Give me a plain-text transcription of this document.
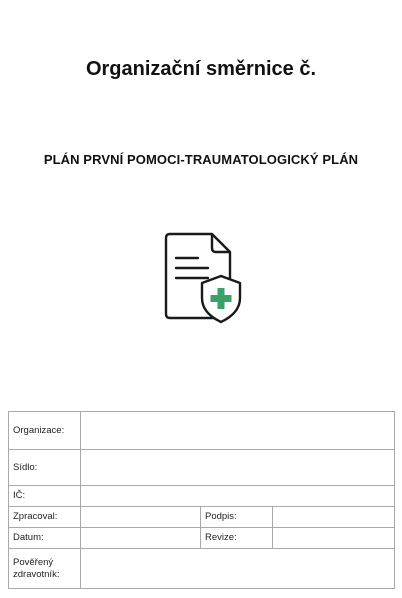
Organizační směrnice č.
PLÁN PRVNÍ POMOCI-TRAUMATOLOGICKÝ PLÁN
Organizace:			
Sídlo:			
IČ:			
Zpracoval:		Podpis:	
Datum:		Revize:	

Pověřený
zdravotník:			
